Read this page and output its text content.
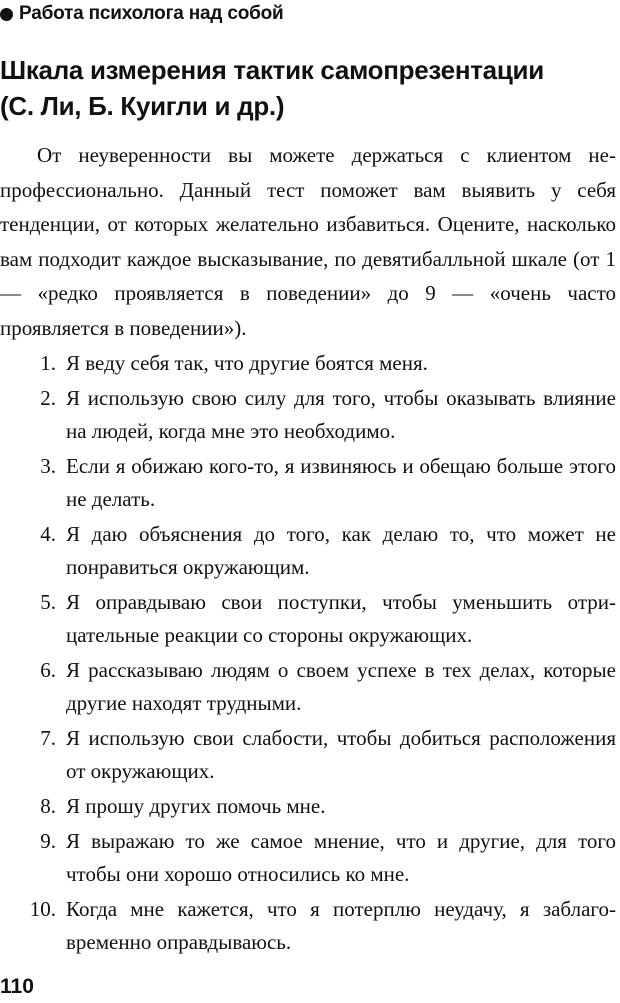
Работа психолога над собой
Шкала измерения тактик самопрезентации
(С. Ли, Б. Куигли и др.)

От неуверенности вы можете держаться с клиентом непрофессионально. Данный тест поможет вам выявить у себя тенденции, от которых желательно избавиться. Оцените, насколько вам подходит каждое высказывание, по девятибалльной шкале (от 1 — «редко проявляется в поведении» до 9 — «очень часто проявляется в поведении»).

1. Я веду себя так, что другие боятся меня.
2. Я использую свою силу для того, чтобы оказывать влияние на людей, когда мне это необходимо.
3. Если я обижаю кого-то, я извиняюсь и обещаю больше этого не делать.
4. Я даю объяснения до того, как делаю то, что может не понравиться окружающим.
5. Я оправдываю свои поступки, чтобы уменьшить отрицательные реакции со стороны окружающих.
6. Я рассказываю людям о своем успехе в тех делах, которые другие находят трудными.
7. Я использую свои слабости, чтобы добиться расположения от окружающих.
8. Я прошу других помочь мне.
9. Я выражаю то же самое мнение, что и другие, для того чтобы они хорошо относились ко мне.
10. Когда мне кажется, что я потерплю неудачу, я заблаговременно оправдываюсь.
110
